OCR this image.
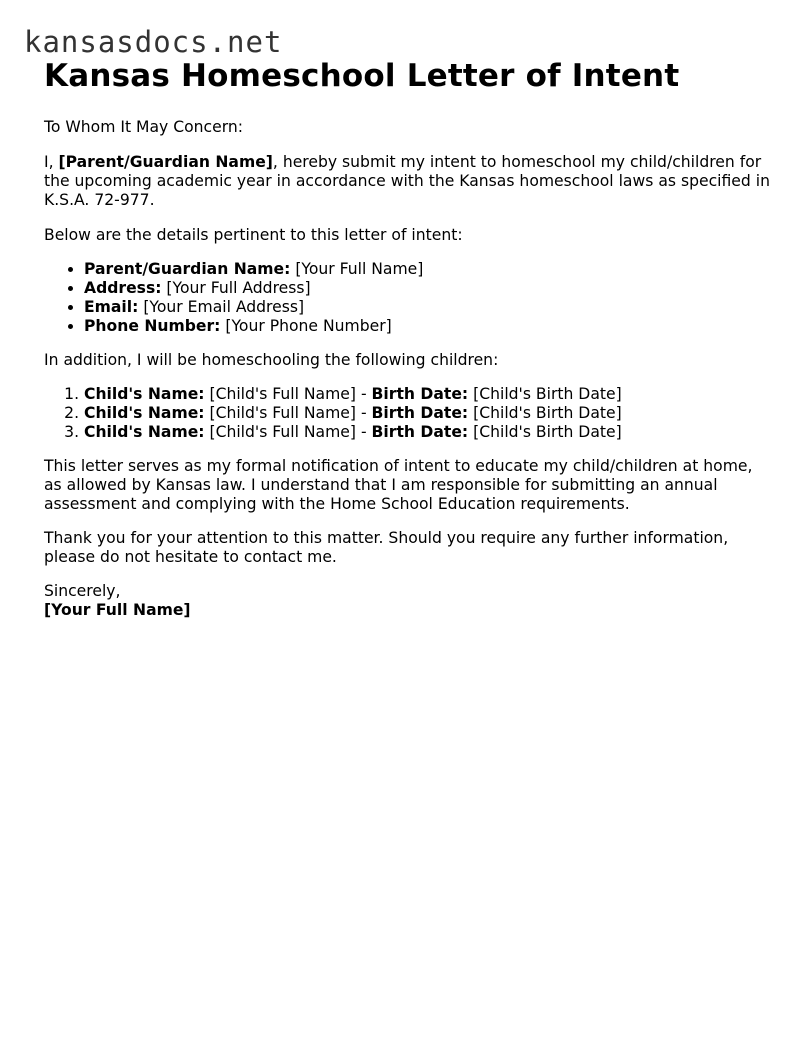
kansasdocs.net
Kansas Homeschool Letter of Intent

To Whom It May Concern:

I, [Parent/Guardian Name], hereby submit my intent to homeschool my child/children for the upcoming academic year in accordance with the Kansas homeschool laws as specified in K.S.A. 72-977.

Below are the details pertinent to this letter of intent:

• Parent/Guardian Name: [Your Full Name]
• Address: [Your Full Address]
• Email: [Your Email Address]
• Phone Number: [Your Phone Number]

In addition, I will be homeschooling the following children:

1. Child's Name: [Child's Full Name] - Birth Date: [Child's Birth Date]
2. Child's Name: [Child's Full Name] - Birth Date: [Child's Birth Date]
3. Child's Name: [Child's Full Name] - Birth Date: [Child's Birth Date]

This letter serves as my formal notification of intent to educate my child/children at home, as allowed by Kansas law. I understand that I am responsible for submitting an annual assessment and complying with the Home School Education requirements.

Thank you for your attention to this matter. Should you require any further information, please do not hesitate to contact me.

Sincerely,
[Your Full Name]
